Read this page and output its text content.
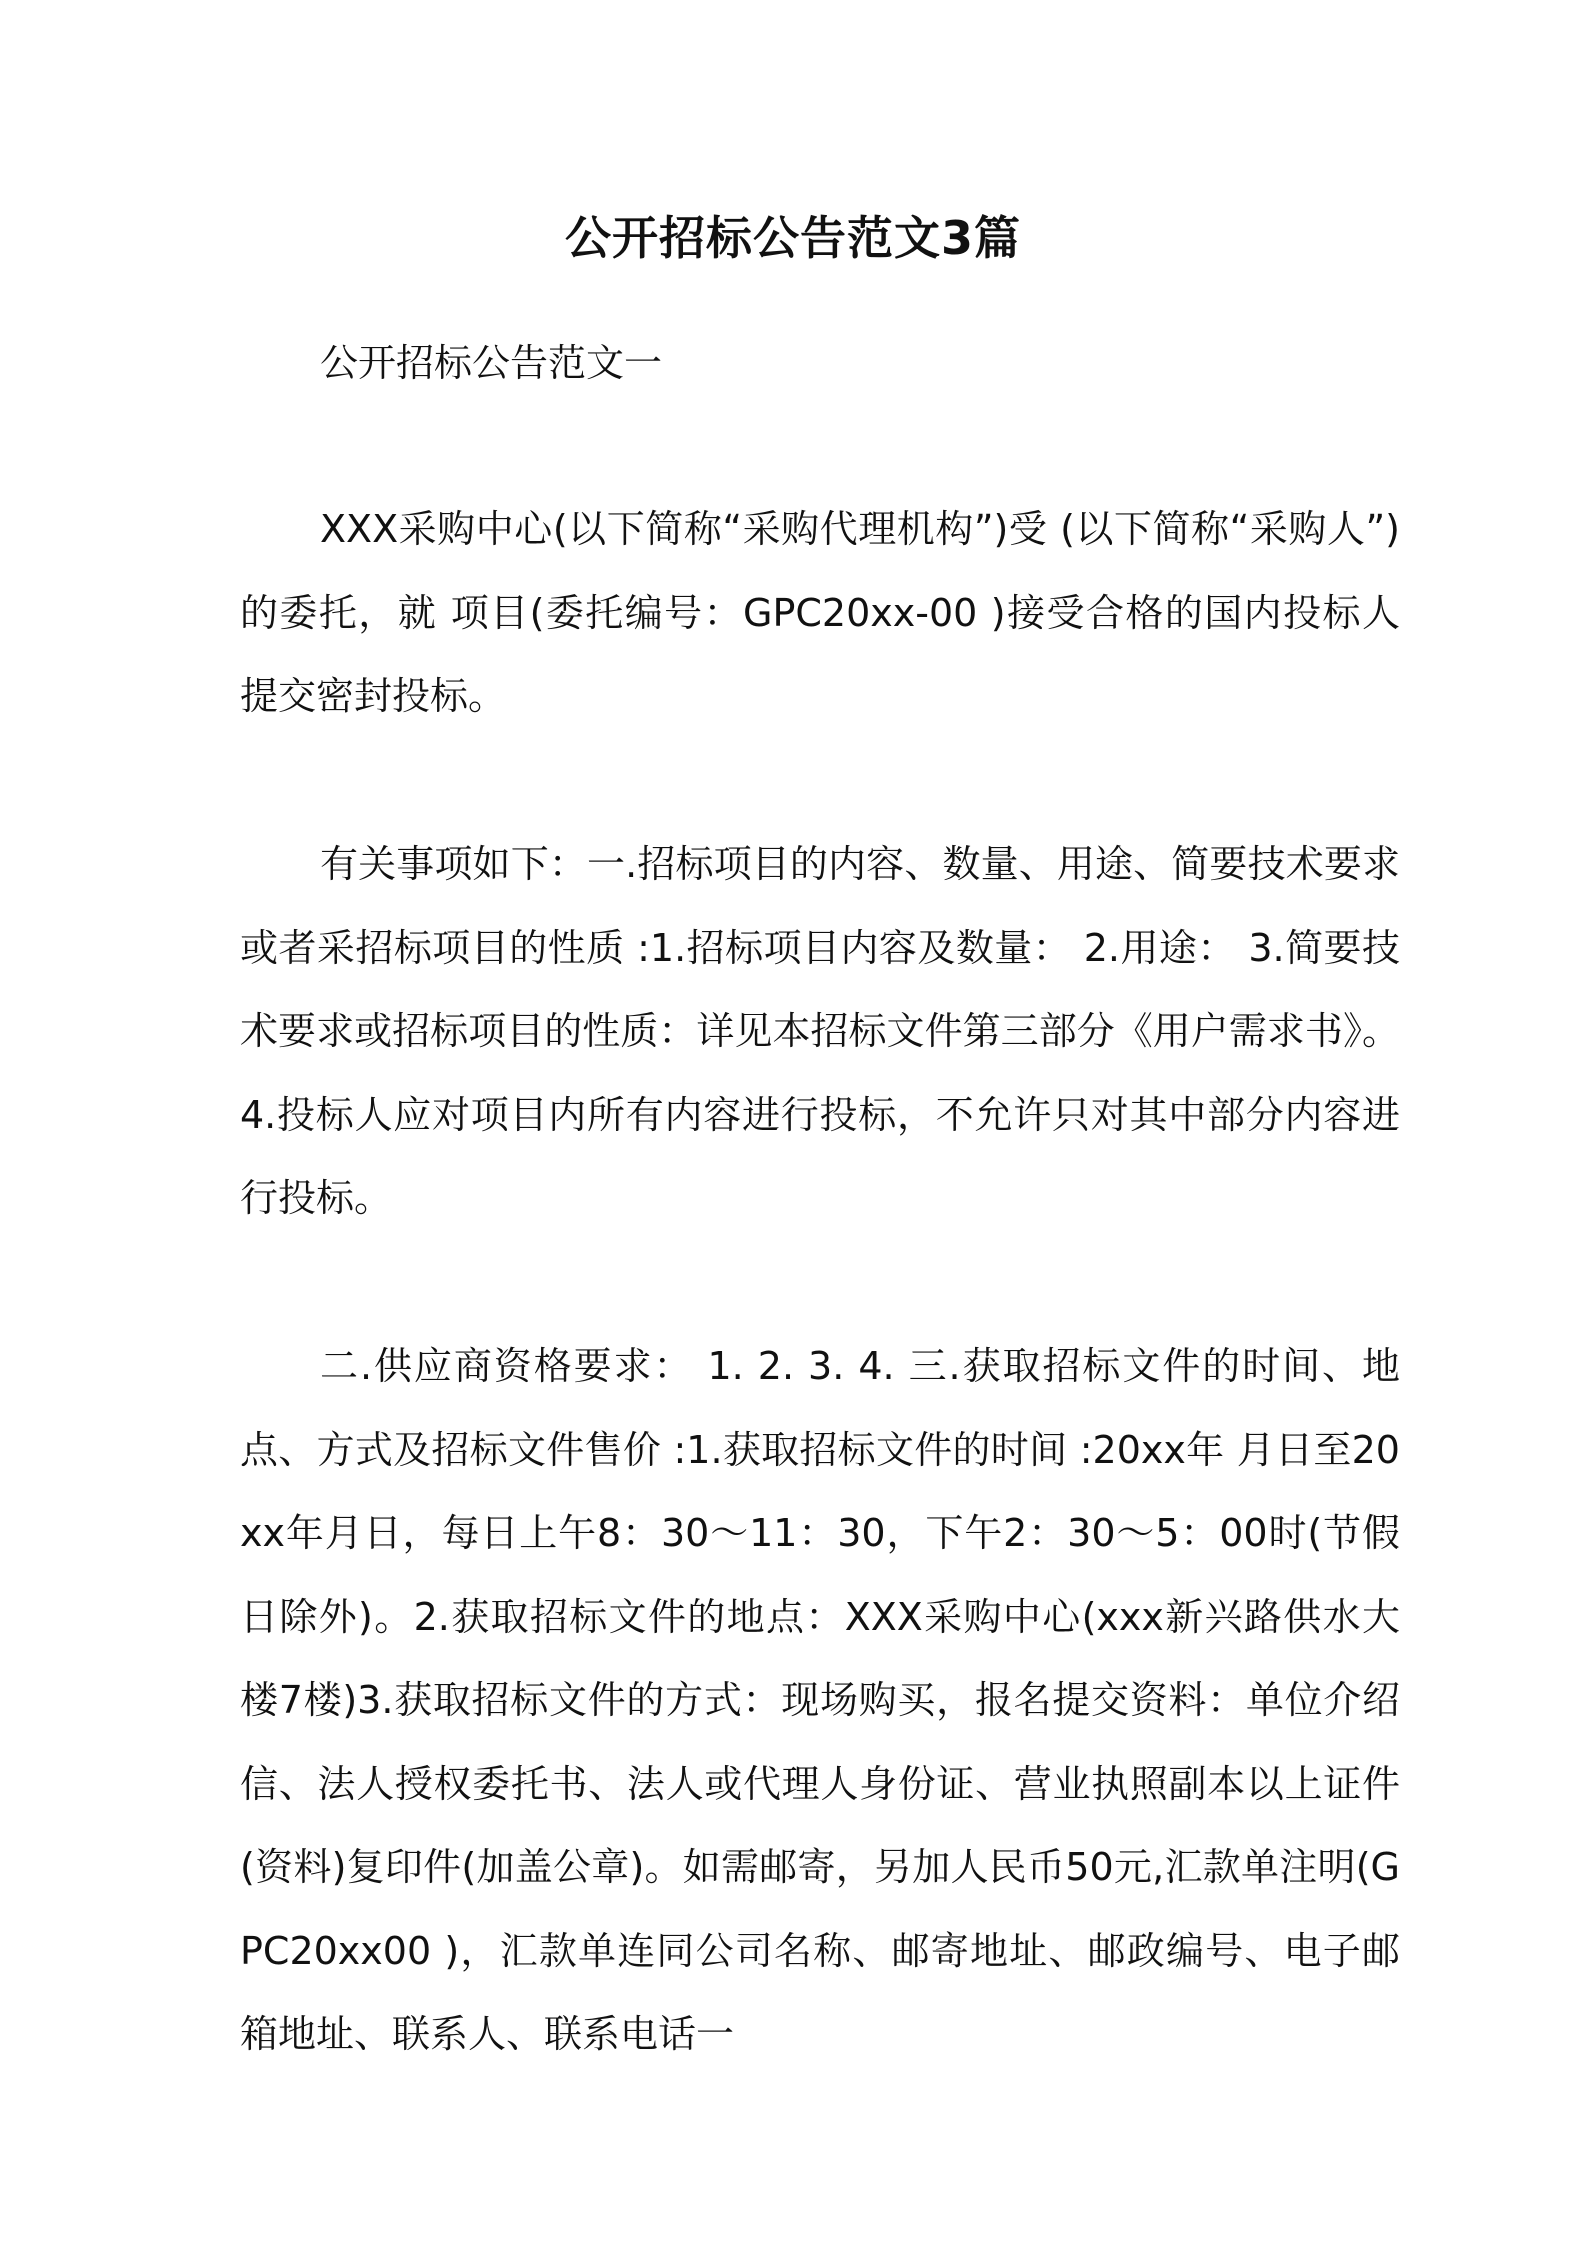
公开招标公告范文3篇
公开招标公告范文一

XXX采购中心(以下简称“采购代理机构”)受 (以下简称“采购人”)的委托，就 项目(委托编号：GPC20xx-00 )接受合格的国内投标人提交密封投标。

有关事项如下：一.招标项目的内容、数量、用途、简要技术要求或者采招标项目的性质 :1.招标项目内容及数量： 2.用途： 3.简要技术要求或招标项目的性质：详见本招标文件第三部分《用户需求书》。4.投标人应对项目内所有内容进行投标，不允许只对其中部分内容进行投标。

二.供应商资格要求： 1. 2. 3. 4. 三.获取招标文件的时间、地点、方式及招标文件售价 :1.获取招标文件的时间 :20xx年 月日至20xx年月日，每日上午8：30～11：30，下午2：30～5：00时(节假日除外)。2.获取招标文件的地点：XXX采购中心(xxx新兴路供水大楼7楼)3.获取招标文件的方式：现场购买，报名提交资料：单位介绍信、法人授权委托书、法人或代理人身份证、营业执照副本以上证件(资料)复印件(加盖公章)。如需邮寄，另加人民币50元,汇款单注明(GPC20xx00 )，汇款单连同公司名称、邮寄地址、邮政编号、电子邮箱地址、联系人、联系电话一
